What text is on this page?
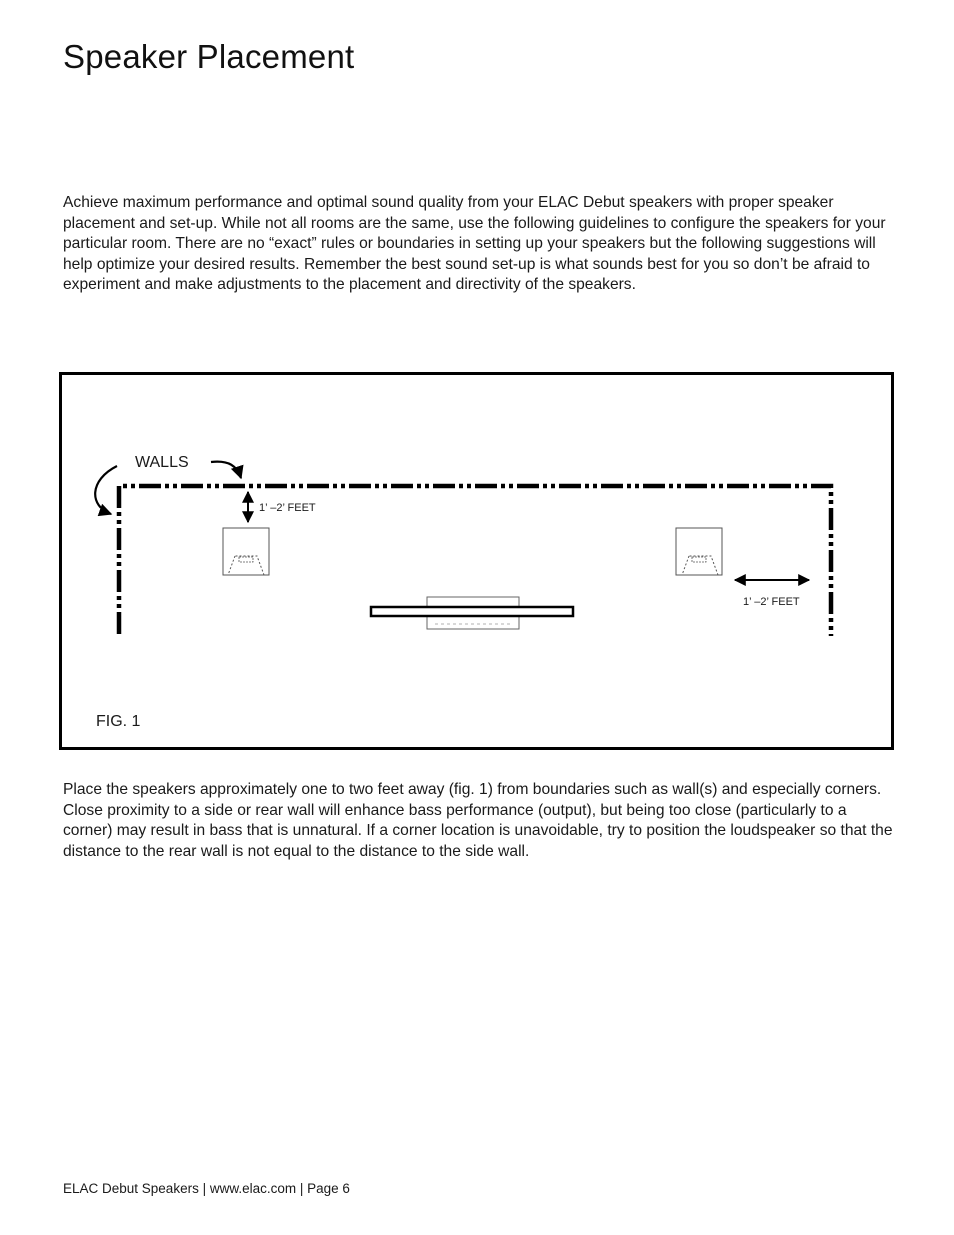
Speaker Placement

Achieve maximum performance and optimal sound quality from your ELAC Debut speakers with proper speaker placement and set-up. While not all rooms are the same, use the following guidelines to configure the speakers for your particular room. There are no “exact” rules or boundaries in setting up your speakers but the following suggestions will help optimize your desired results. Remember the best sound set-up is what sounds best for you so don’t be afraid to experiment and make adjustments to the placement and directivity of the speakers.

WALLS
1’ –2’ FEET
1’ –2’ FEET
FIG. 1

Place the speakers approximately one to two feet away (fig. 1) from boundaries such as wall(s) and especially corners. Close proximity to a side or rear wall will enhance bass performance (output), but being too close (particularly to a corner) may result in bass that is unnatural. If a corner location is unavoidable, try to position the loudspeaker so that the distance to the rear wall is not equal to the distance to the side wall.

ELAC Debut Speakers | www.elac.com | Page 6
